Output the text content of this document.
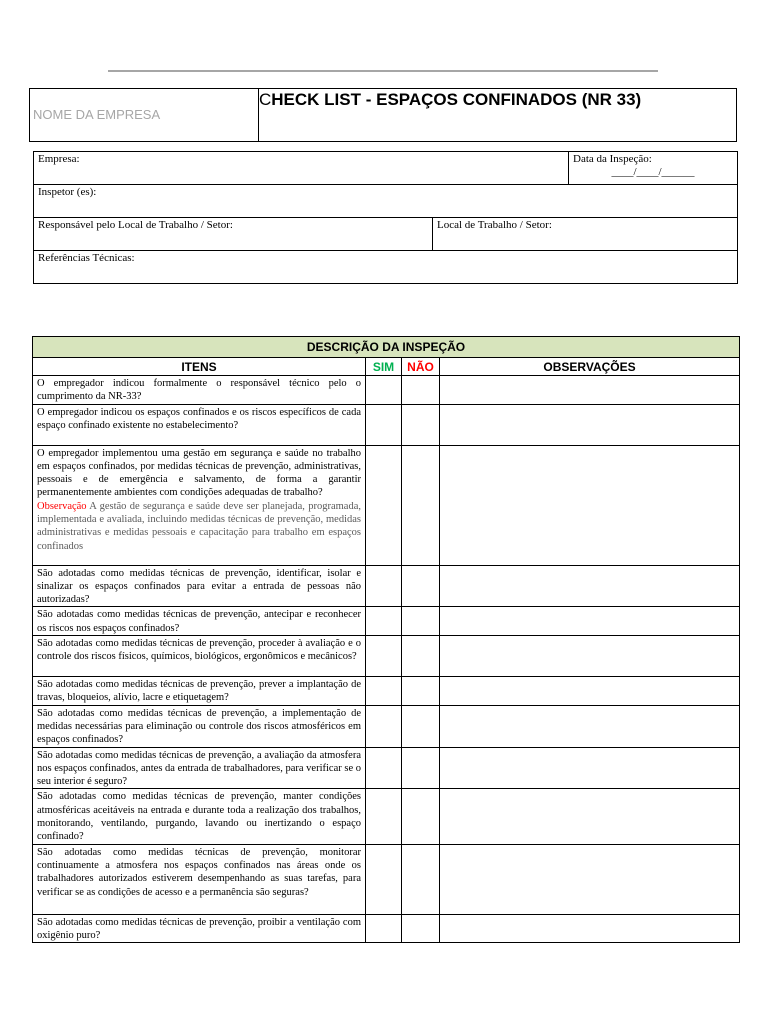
NOME DA EMPRESA
CHECK LIST - ESPAÇOS CONFINADOS (NR 33)
Empresa:		Data da Inspeção:
____/____/______

Inspetor (es):		
Responsável pelo Local de Trabalho / Setor:	Local de Trabalho / Setor:	
Referências Técnicas:		
DESCRIÇÃO DA INSPEÇÃO			
ITENS	SIM	NÃO	OBSERVAÇÕES
O empregador indicou formalmente o responsável técnico pelo o cumprimento da NR-33?			
O empregador indicou os espaços confinados e os riscos específicos de cada espaço confinado existente no estabelecimento?			
O empregador implementou uma gestão em segurança e saúde no trabalho em espaços confinados, por medidas técnicas de prevenção, administrativas, pessoais e de emergência e salvamento, de forma a garantir permanentemente ambientes com condições adequadas de trabalho?
Observação A gestão de segurança e saúde deve ser planejada, programada, implementada e avaliada, incluindo medidas técnicas de prevenção, medidas administrativas e medidas pessoais e capacitação para trabalho em espaços confinados			
São adotadas como medidas técnicas de prevenção, identificar, isolar e sinalizar os espaços confinados para evitar a entrada de pessoas não autorizadas?			
São adotadas como medidas técnicas de prevenção, antecipar e reconhecer os riscos nos espaços confinados?			
São adotadas como medidas técnicas de prevenção, proceder à avaliação e o controle dos riscos físicos, químicos, biológicos, ergonômicos e mecânicos?			
São adotadas como medidas técnicas de prevenção, prever a implantação de travas, bloqueios, alívio, lacre e etiquetagem?			
São adotadas como medidas técnicas de prevenção, a implementação de medidas necessárias para eliminação ou controle dos riscos atmosféricos em espaços confinados?			
São adotadas como medidas técnicas de prevenção, a avaliação da atmosfera nos espaços confinados, antes da entrada de trabalhadores, para verificar se o seu interior é seguro?			
São adotadas como medidas técnicas de prevenção, manter condições atmosféricas aceitáveis na entrada e durante toda a realização dos trabalhos, monitorando, ventilando, purgando, lavando ou inertizando o espaço confinado?			
São adotadas como medidas técnicas de prevenção, monitorar continuamente a atmosfera nos espaços confinados nas áreas onde os trabalhadores autorizados estiverem desempenhando as suas tarefas, para verificar se as condições de acesso e a permanência são seguras?			
São adotadas como medidas técnicas de prevenção, proibir a ventilação com oxigênio puro?			
